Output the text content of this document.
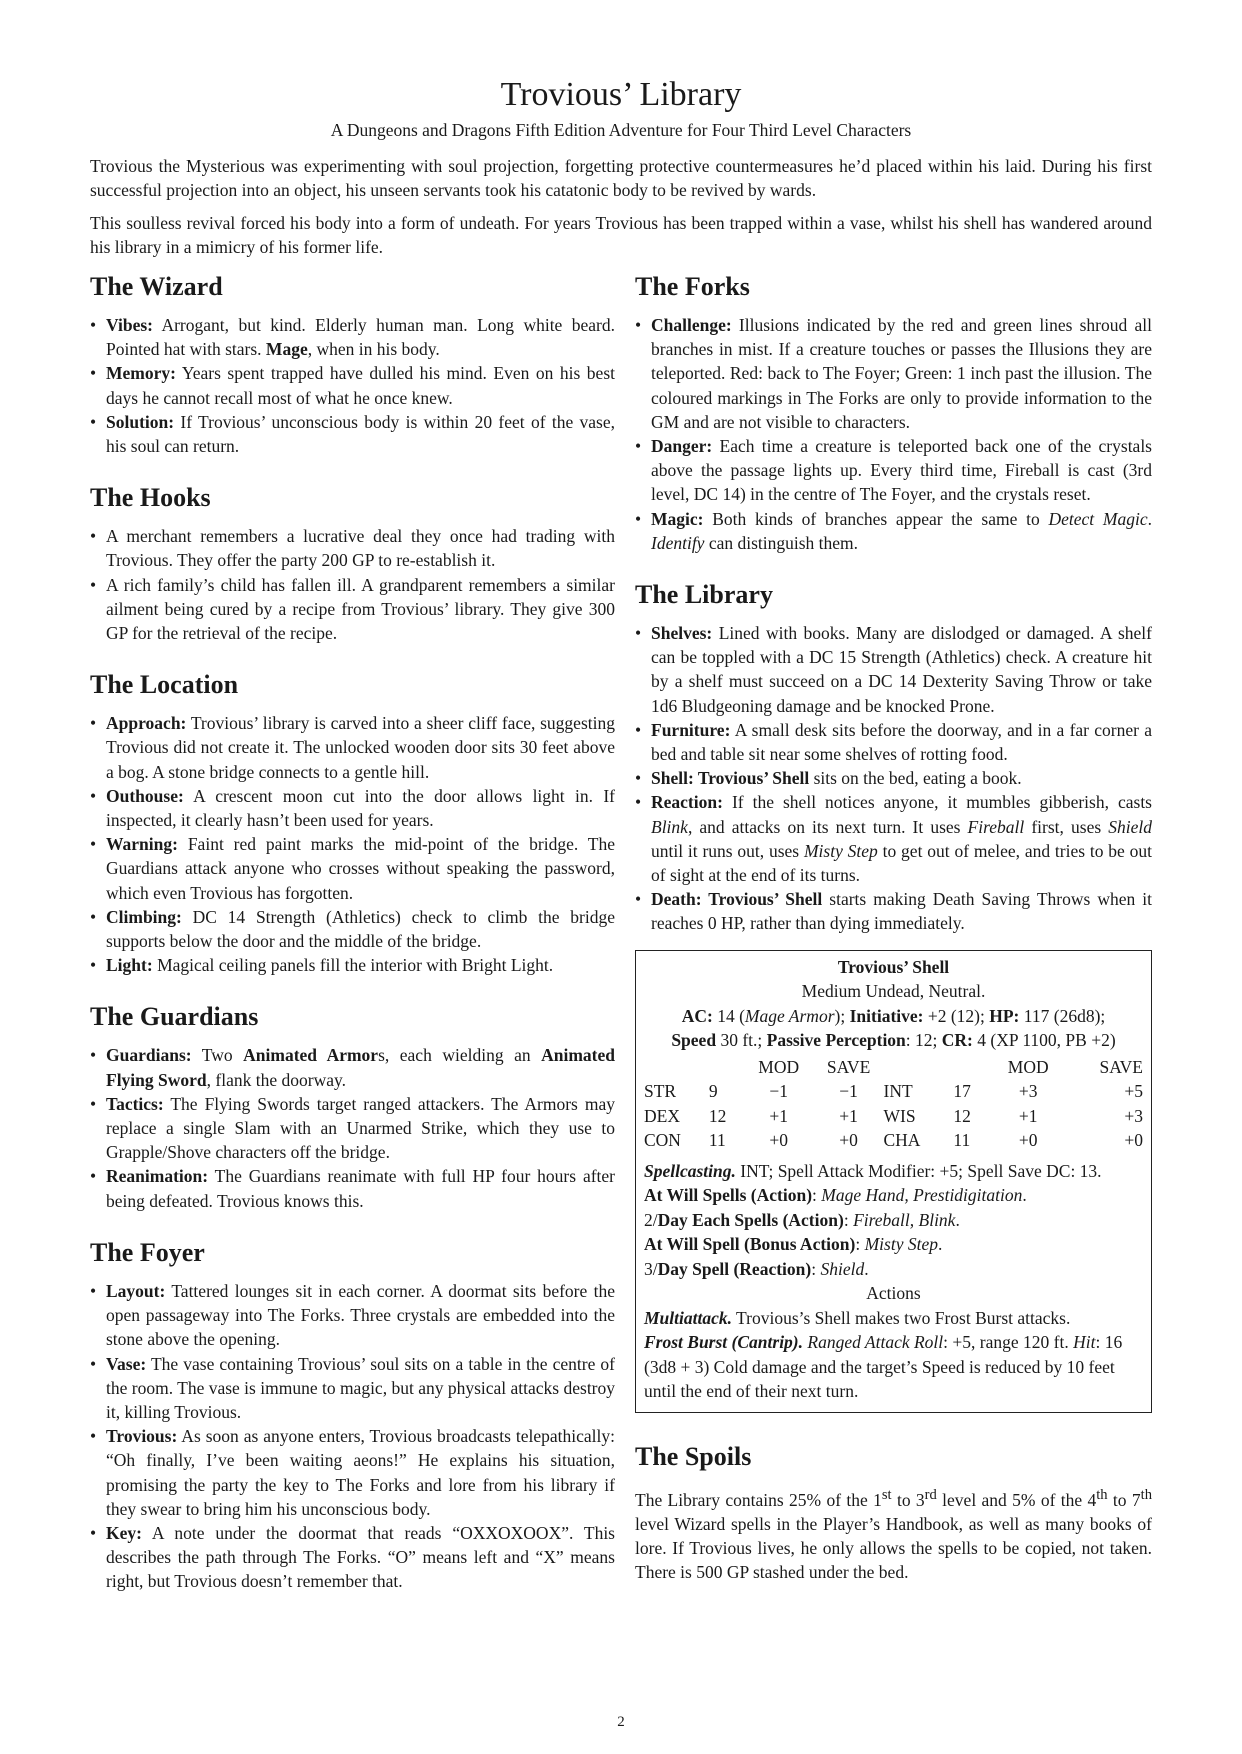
Trovious’ Library
A Dungeons and Dragons Fifth Edition Adventure for Four Third Level Characters

Trovious the Mysterious was experimenting with soul projection, forgetting protective countermeasures he’d placed within his laid. During his first successful projection into an object, his unseen servants took his catatonic body to be revived by wards.

This soulless revival forced his body into a form of undeath. For years Trovious has been trapped within a vase, whilst his shell has wandered around his library in a mimicry of his former life.

The Wizard
• Vibes: Arrogant, but kind. Elderly human man. Long white beard. Pointed hat with stars. Mage, when in his body.
• Memory: Years spent trapped have dulled his mind. Even on his best days he cannot recall most of what he once knew.
• Solution: If Trovious’ unconscious body is within 20 feet of the vase, his soul can return.
The Hooks
• A merchant remembers a lucrative deal they once had trading with Trovious. They offer the party 200 GP to re-establish it.
• A rich family’s child has fallen ill. A grandparent remembers a similar ailment being cured by a recipe from Trovious’ library. They give 300 GP for the retrieval of the recipe.
The Location
• Approach: Trovious’ library is carved into a sheer cliff face, suggesting Trovious did not create it. The unlocked wooden door sits 30 feet above a bog. A stone bridge connects to a gentle hill.
• Outhouse: A crescent moon cut into the door allows light in. If inspected, it clearly hasn’t been used for years.
• Warning: Faint red paint marks the mid-point of the bridge. The Guardians attack anyone who crosses without speaking the password, which even Trovious has forgotten.
• Climbing: DC 14 Strength (Athletics) check to climb the bridge supports below the door and the middle of the bridge.
• Light: Magical ceiling panels fill the interior with Bright Light.
The Guardians
• Guardians: Two Animated Armors, each wielding an Animated Flying Sword, flank the doorway.
• Tactics: The Flying Swords target ranged attackers. The Armors may replace a single Slam with an Unarmed Strike, which they use to Grapple/Shove characters off the bridge.
• Reanimation: The Guardians reanimate with full HP four hours after being defeated. Trovious knows this.
The Foyer
• Layout: Tattered lounges sit in each corner. A doormat sits before the open passageway into The Forks. Three crystals are embedded into the stone above the opening.
• Vase: The vase containing Trovious’ soul sits on a table in the centre of the room. The vase is immune to magic, but any physical attacks destroy it, killing Trovious.
• Trovious: As soon as anyone enters, Trovious broadcasts telepathically: “Oh finally, I’ve been waiting aeons!” He explains his situation, promising the party the key to The Forks and lore from his library if they swear to bring him his unconscious body.
• Key: A note under the doormat that reads “OXXOXOOX”. This describes the path through The Forks. “O” means left and “X” means right, but Trovious doesn’t remember that.
The Forks
• Challenge: Illusions indicated by the red and green lines shroud all branches in mist. If a creature touches or passes the Illusions they are teleported. Red: back to The Foyer; Green: 1 inch past the illusion. The coloured markings in The Forks are only to provide information to the GM and are not visible to characters.
• Danger: Each time a creature is teleported back one of the crystals above the passage lights up. Every third time, Fireball is cast (3rd level, DC 14) in the centre of The Foyer, and the crystals reset.
• Magic: Both kinds of branches appear the same to Detect Magic. Identify can distinguish them.
The Library
• Shelves: Lined with books. Many are dislodged or damaged. A shelf can be toppled with a DC 15 Strength (Athletics) check. A creature hit by a shelf must succeed on a DC 14 Dexterity Saving Throw or take 1d6 Bludgeoning damage and be knocked Prone.
• Furniture: A small desk sits before the doorway, and in a far corner a bed and table sit near some shelves of rotting food.
• Shell: Trovious’ Shell sits on the bed, eating a book.
• Reaction: If the shell notices anyone, it mumbles gibberish, casts Blink, and attacks on its next turn. It uses Fireball first, uses Shield until it runs out, uses Misty Step to get out of melee, and tries to be out of sight at the end of its turns.
• Death: Trovious’ Shell starts making Death Saving Throws when it reaches 0 HP, rather than dying immediately.
Trovious’ Shell
Medium Undead, Neutral.
AC: 14 (Mage Armor); Initiative: +2 (12); HP: 117 (26d8);
Speed 30 ft.; Passive Perception: 12; CR: 4 (XP 1100, PB +2)
		MOD	SAVE			MOD	SAVE
STR	9	−1	−1	INT	17	+3	+5
DEX	12	+1	+1	WIS	12	+1	+3
CON	11	+0	+0	CHA	11	+0	+0

Spellcasting. INT; Spell Attack Modifier: +5; Spell Save DC: 13.

At Will Spells (Action): Mage Hand, Prestidigitation.

2/Day Each Spells (Action): Fireball, Blink.

At Will Spell (Bonus Action): Misty Step.

3/Day Spell (Reaction): Shield.

Actions

Multiattack. Trovious’s Shell makes two Frost Burst attacks.

Frost Burst (Cantrip). Ranged Attack Roll: +5, range 120 ft. Hit: 16 (3d8 + 3) Cold damage and the target’s Speed is reduced by 10 feet until the end of their next turn.

The Spoils

The Library contains 25% of the 1st to 3rd level and 5% of the 4th to 7th level Wizard spells in the Player’s Handbook, as well as many books of lore. If Trovious lives, he only allows the spells to be copied, not taken. There is 500 GP stashed under the bed.

2
